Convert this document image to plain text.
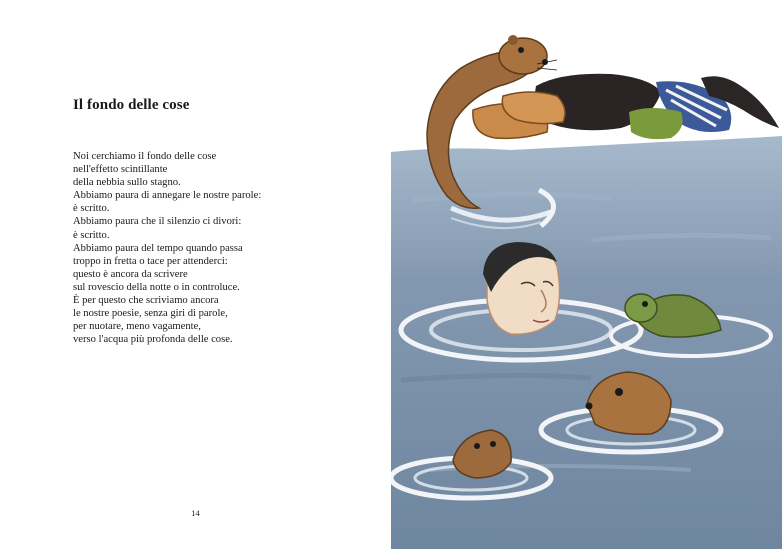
Il fondo delle cose
Noi cerchiamo il fondo delle cose
nell'effetto scintillante
della nebbia sullo stagno.
Abbiamo paura di annegare le nostre parole:
è scritto.
Abbiamo paura che il silenzio ci divori:
è scritto.
Abbiamo paura del tempo quando passa
troppo in fretta o tace per attenderci:
questo è ancora da scrivere
sul rovescio della notte o in controluce.
È per questo che scriviamo ancora
le nostre poesie, senza giri di parole,
per nuotare, meno vagamente,
verso l'acqua più profonda delle cose.
14
